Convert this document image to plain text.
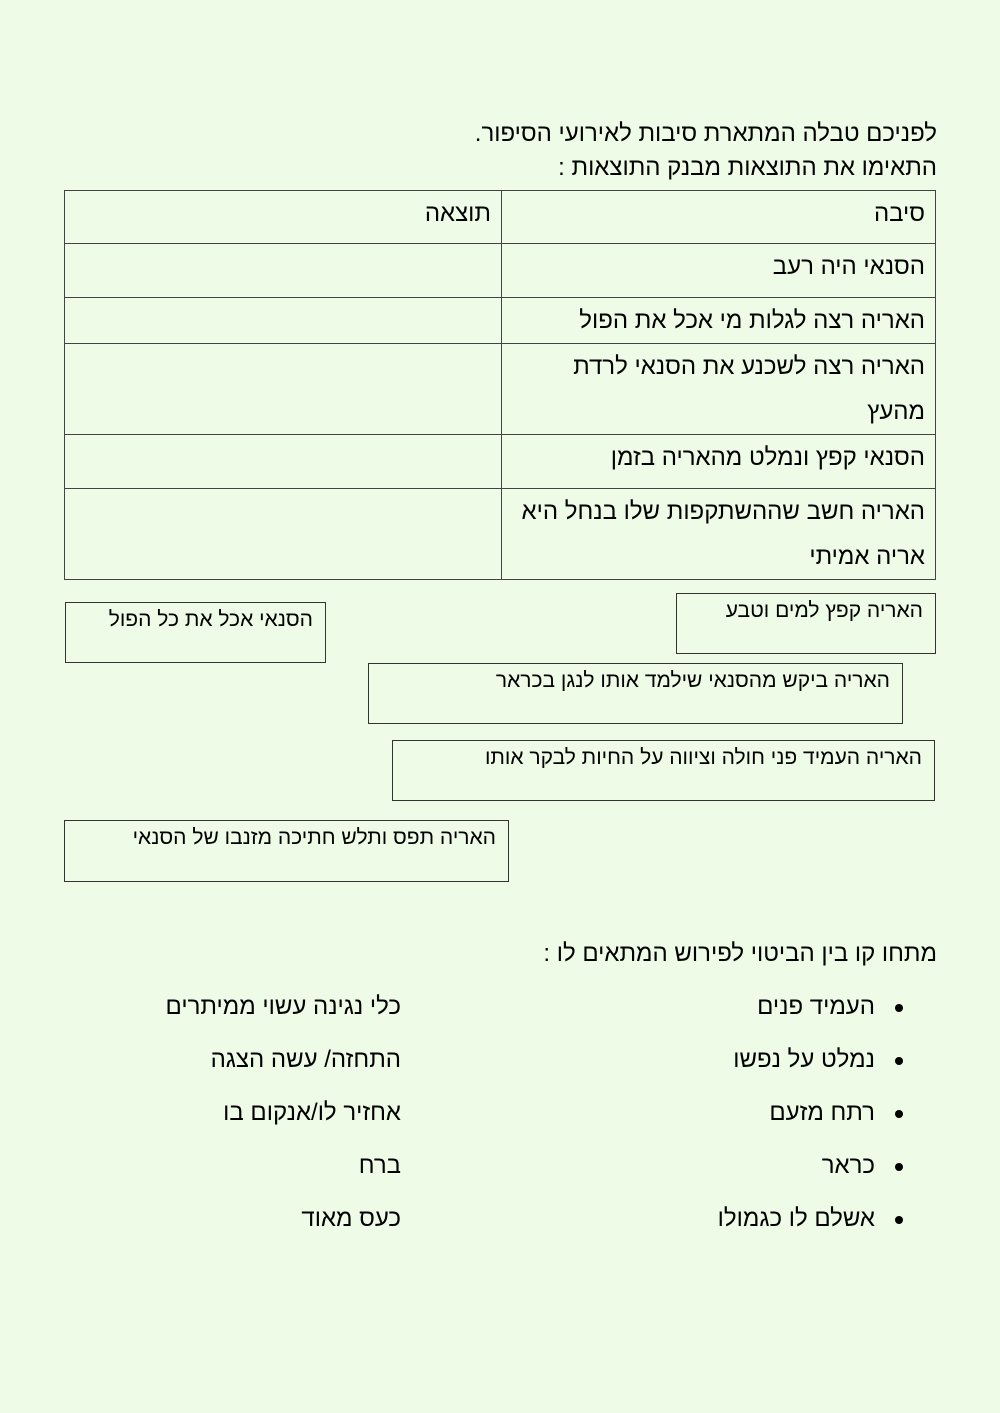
לפניכם טבלה המתארת סיבות לאירועי הסיפור.
התאימו את התוצאות מבנק התוצאות :
סיבה	תוצאה
הסנאי היה רעב	
האריה רצה לגלות מי אכל את הפול	
האריה רצה לשכנע את הסנאי לרדת מהעץ	
הסנאי קפץ ונמלט מהאריה בזמן	
האריה חשב שההשתקפות שלו בנחל היא אריה אמיתי	
הסנאי אכל את כל הפול	האריה קפץ למים וטבע
האריה ביקש מהסנאי שילמד אותו לנגן בכראר
האריה העמיד פני חולה וציווה על החיות לבקר אותו
האריה תפס ותלש חתיכה מזנבו של הסנאי
מתחו קו בין הביטוי לפירוש המתאים לו :
העמיד פנים
נמלט על נפשו
רתח מזעם
כראר
אשלם לו כגמולו
כלי נגינה עשוי ממיתרים
התחזה/ עשה הצגה
אחזיר לו/אנקום בו
ברח
כעס מאוד
